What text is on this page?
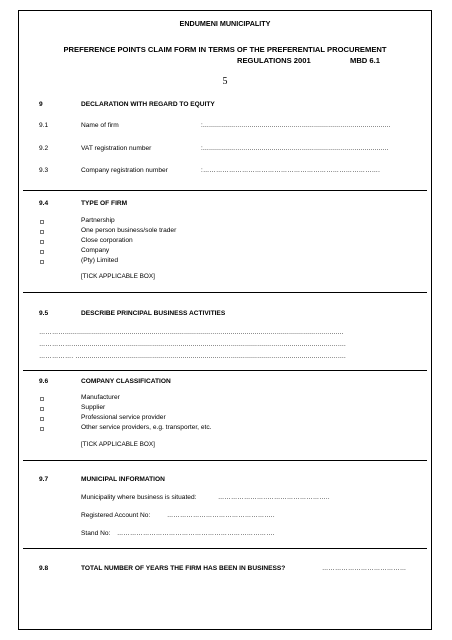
ENDUMENI MUNICIPALITY
PREFERENCE POINTS CLAIM FORM IN TERMS OF THE PREFERENTIAL PROCUREMENT
REGULATIONS 2001	MBD 6.1
5
9	DECLARATION WITH REGARD TO EQUITY
9.1	Name of firm	:.............................................................................................
9.2	VAT registration number	:............................................................................................
9.3	Company registration number	:……………………………………………………………………….
9.4	TYPE OF FIRM
Partnership
One person business/sole trader
Close corporation
Company
(Pty) Limited
[TICK APPLICABLE BOX]
9.5	DESCRIBE PRINCIPAL BUSINESS ACTIVITIES
…………..........................................................................................................................................
……………........................................................................................................................................
……………. ......................................................................................................................................
9.6	COMPANY CLASSIFICATION
Manufacturer
Supplier
Professional service provider
Other service providers, e.g. transporter, etc.
[TICK APPLICABLE BOX]
9.7	MUNICIPAL INFORMATION
Municipality where business is situated:	…………………..………………………..
Registered Account No:	…………………………………………..
Stand No: ……………………………………………………………….
9.8	TOTAL NUMBER OF YEARS THE FIRM HAS BEEN IN BUSINESS?	…………………………………
